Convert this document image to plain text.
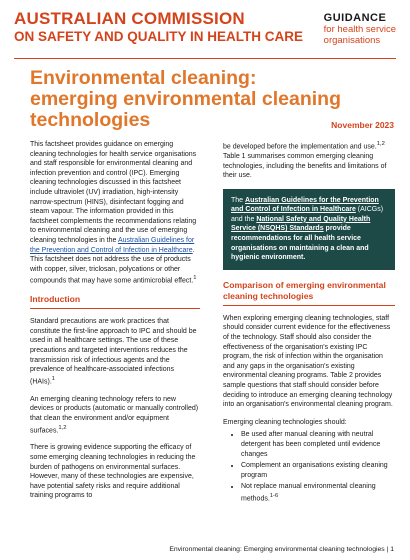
AUSTRALIAN COMMISSION
ON SAFETY AND QUALITY IN HEALTH CARE
GUIDANCE
for health service
organisations
Environmental cleaning:
emerging environmental cleaning
technologies	November 2023

This factsheet provides guidance on emerging cleaning technologies for health service organisations and staff responsible for environmental cleaning and infection prevention and control (IPC). Emerging cleaning technologies discussed in this factsheet include ultraviolet (UV) irradiation, high-intensity narrow-spectrum (HINS), disinfectant fogging and steam vapour. The information provided in this factsheet complements the recommendations relating to environmental cleaning and the use of emerging cleaning technologies in the Australian Guidelines for the Prevention and Control of Infection in Healthcare. This factsheet does not address the use of products with copper, silver, triclosan, polycations or other compounds that may have some antimicrobial effect.$^1$

Introduction

Standard precautions are work practices that constitute the first-line approach to IPC and should be used in all healthcare settings. The use of these precautions and targeted interventions reduces the transmission risk of infectious agents and the prevalence of healthcare-associated infections (HAIs).$^1$

An emerging cleaning technology refers to new devices or products (automatic or manually controlled) that clean the environment and/or equipment surfaces.$^{1,2}$

There is growing evidence supporting the efficacy of some emerging cleaning technologies in reducing the burden of pathogens on environmental surfaces. However, many of these technologies are expensive, have potential safety risks and require additional training programs to

be developed before the implementation and use.$^{1,2}$ Table 1 summarises common emerging cleaning technologies, including the benefits and limitations of their use.

The Australian Guidelines for the Prevention and Control of Infection in Healthcare (AICGs) and the National Safety and Quality Health Service (NSQHS) Standards provide recommendations for all health service organisations on maintaining a clean and hygienic environment.
Comparison of emerging environmental cleaning technologies

When exploring emerging cleaning technologies, staff should consider current evidence for the effectiveness of the technology. Staff should also consider the effectiveness of the organisation's existing IPC program, the risk of infection within the organisation and any gaps in the organisation's existing environmental cleaning programs. Table 2 provides sample questions that staff should consider before deciding to introduce an emerging cleaning technology into an organisation's environmental cleaning program.

Emerging cleaning technologies should:

• Be used after manual cleaning with neutral detergent has been completed until evidence changes
• Complement an organisations existing cleaning program
• Not replace manual environmental cleaning methods.$^{1-6}$
Environmental cleaning: Emerging environmental cleaning technologies | 1
